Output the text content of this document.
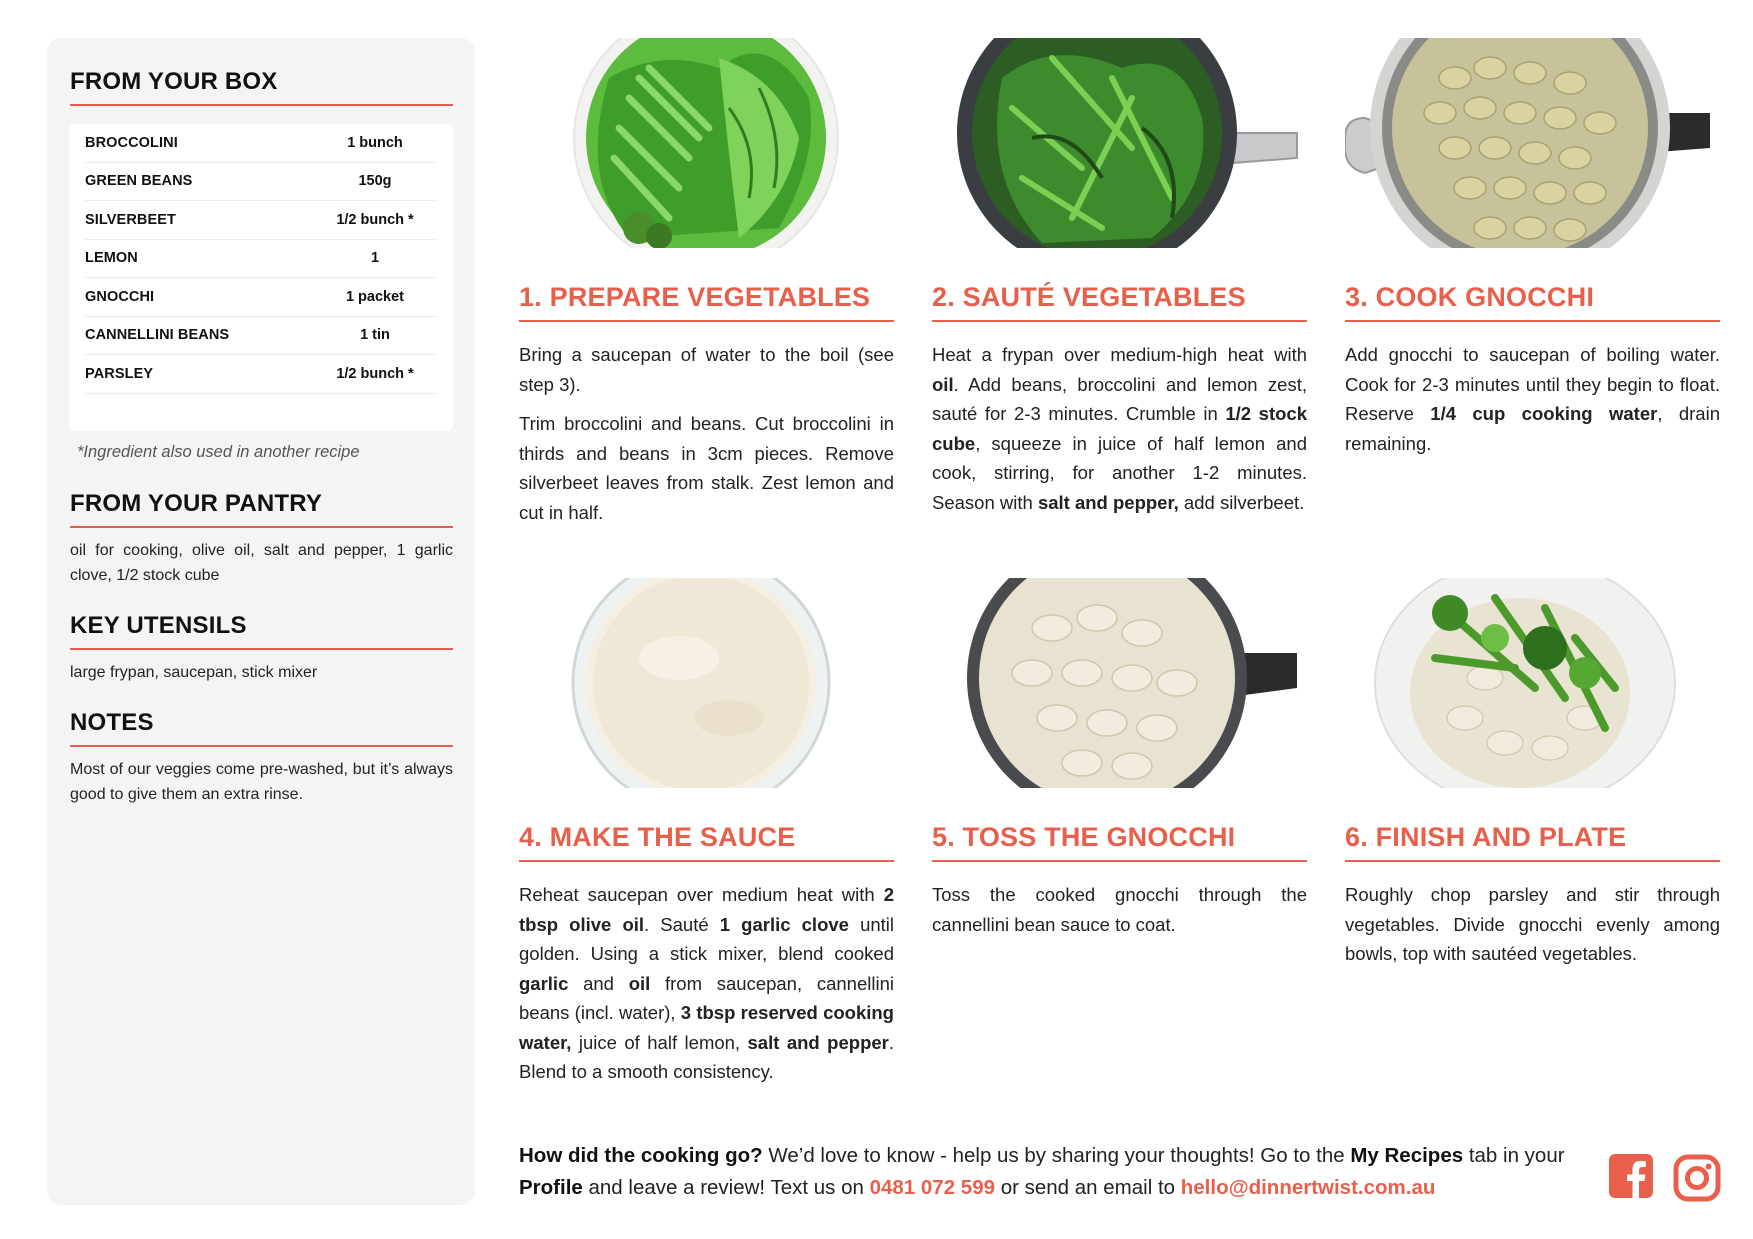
FROM YOUR BOX
BROCCOLINI	1 bunch
GREEN BEANS	150g
SILVERBEET	1/2 bunch *
LEMON	1
GNOCCHI	1 packet
CANNELLINI BEANS	1 tin
PARSLEY	1/2 bunch *
*Ingredient also used in another recipe
FROM YOUR PANTRY
oil for cooking, olive oil, salt and pepper, 1 garlic clove, 1/2 stock cube
KEY UTENSILS
large frypan, saucepan, stick mixer
NOTES
Most of our veggies come pre-washed, but it’s always good to give them an extra rinse.
1. PREPARE VEGETABLES

Bring a saucepan of water to the boil (see step 3).

Trim broccolini and beans. Cut broccolini in thirds and beans in 3cm pieces. Remove silverbeet leaves from stalk. Zest lemon and cut in half.

2. SAUTÉ VEGETABLES

Heat a frypan over medium-high heat with oil. Add beans, broccolini and lemon zest, sauté for 2-3 minutes. Crumble in 1/2 stock cube, squeeze in juice of half lemon and cook, stirring, for another 1-2 minutes. Season with salt and pepper, add silverbeet.

3. COOK GNOCCHI

Add gnocchi to saucepan of boiling water. Cook for 2-3 minutes until they begin to float. Reserve 1/4 cup cooking water, drain remaining.

4. MAKE THE SAUCE

Reheat saucepan over medium heat with 2 tbsp olive oil. Sauté 1 garlic clove until golden. Using a stick mixer, blend cooked garlic and oil from saucepan, cannellini beans (incl. water), 3 tbsp reserved cooking water, juice of half lemon, salt and pepper. Blend to a smooth consistency.

5. TOSS THE GNOCCHI

Toss the cooked gnocchi through the cannellini bean sauce to coat.

6. FINISH AND PLATE

Roughly chop parsley and stir through vegetables. Divide gnocchi evenly among bowls, top with sautéed vegetables.

How did the cooking go? We’d love to know - help us by sharing your thoughts! Go to the My Recipes tab in your Profile and leave a review! Text us on 0481 072 599 or send an email to hello@dinnertwist.com.au
